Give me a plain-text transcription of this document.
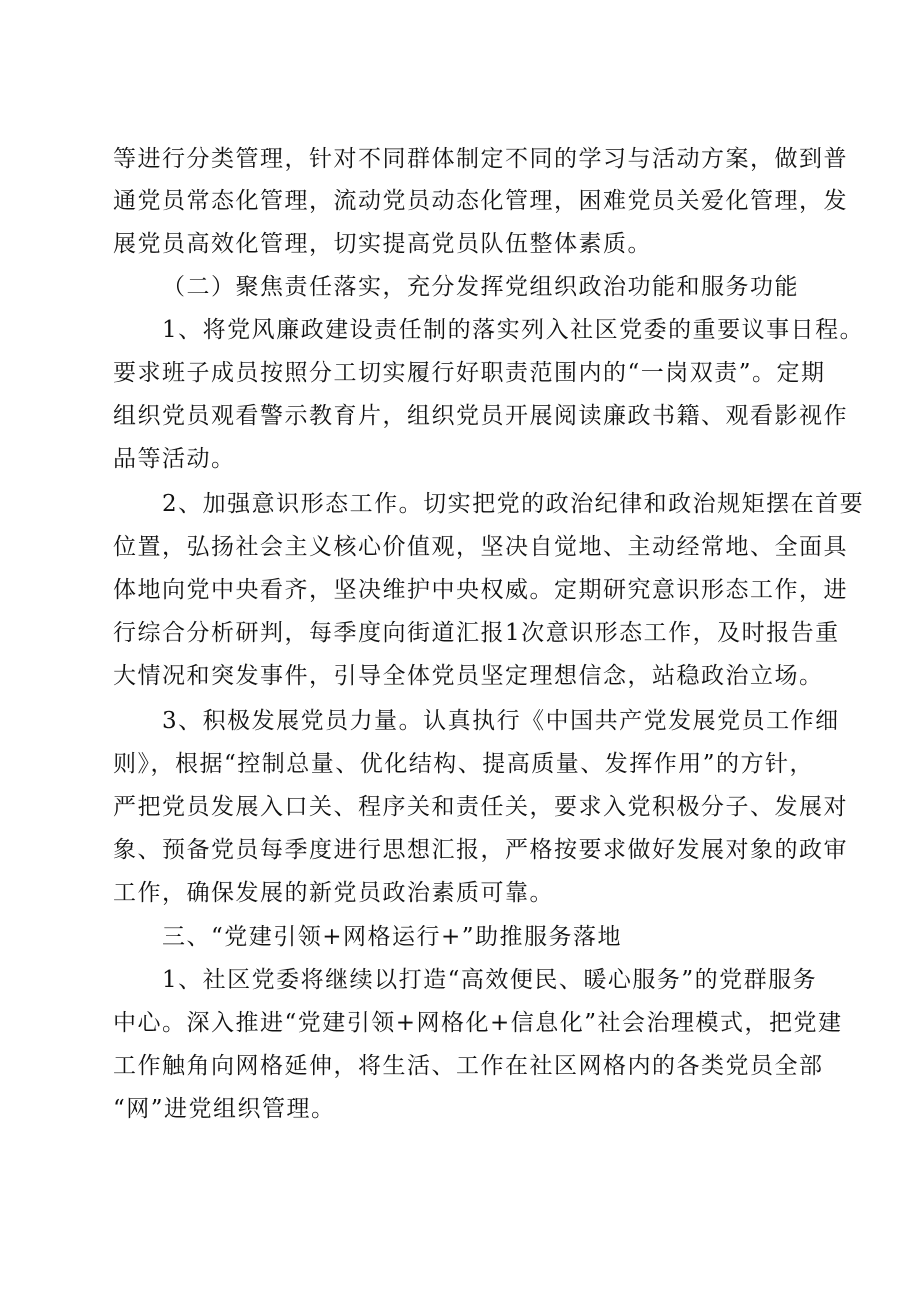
等进行分类管理，针对不同群体制定不同的学习与活动方案，做到普
通党员常态化管理，流动党员动态化管理，困难党员关爱化管理，发
展党员高效化管理，切实提高党员队伍整体素质。
（二）聚焦责任落实，充分发挥党组织政治功能和服务功能
1、将党风廉政建设责任制的落实列入社区党委的重要议事日程。
要求班子成员按照分工切实履行好职责范围内的“一岗双责”。定期
组织党员观看警示教育片，组织党员开展阅读廉政书籍、观看影视作
品等活动。
2、加强意识形态工作。切实把党的政治纪律和政治规矩摆在首要
位置，弘扬社会主义核心价值观，坚决自觉地、主动经常地、全面具
体地向党中央看齐，坚决维护中央权威。定期研究意识形态工作，进
行综合分析研判，每季度向街道汇报1次意识形态工作，及时报告重
大情况和突发事件，引导全体党员坚定理想信念，站稳政治立场。
3、积极发展党员力量。认真执行《中国共产党发展党员工作细
则》，根据“控制总量、优化结构、提高质量、发挥作用”的方针，
严把党员发展入口关、程序关和责任关，要求入党积极分子、发展对
象、预备党员每季度进行思想汇报，严格按要求做好发展对象的政审
工作，确保发展的新党员政治素质可靠。
三、“党建引领+网格运行+”助推服务落地
1、社区党委将继续以打造“高效便民、暖心服务”的党群服务
中心。深入推进“党建引领+网格化+信息化”社会治理模式，把党建
工作触角向网格延伸，将生活、工作在社区网格内的各类党员全部
“网”进党组织管理。
